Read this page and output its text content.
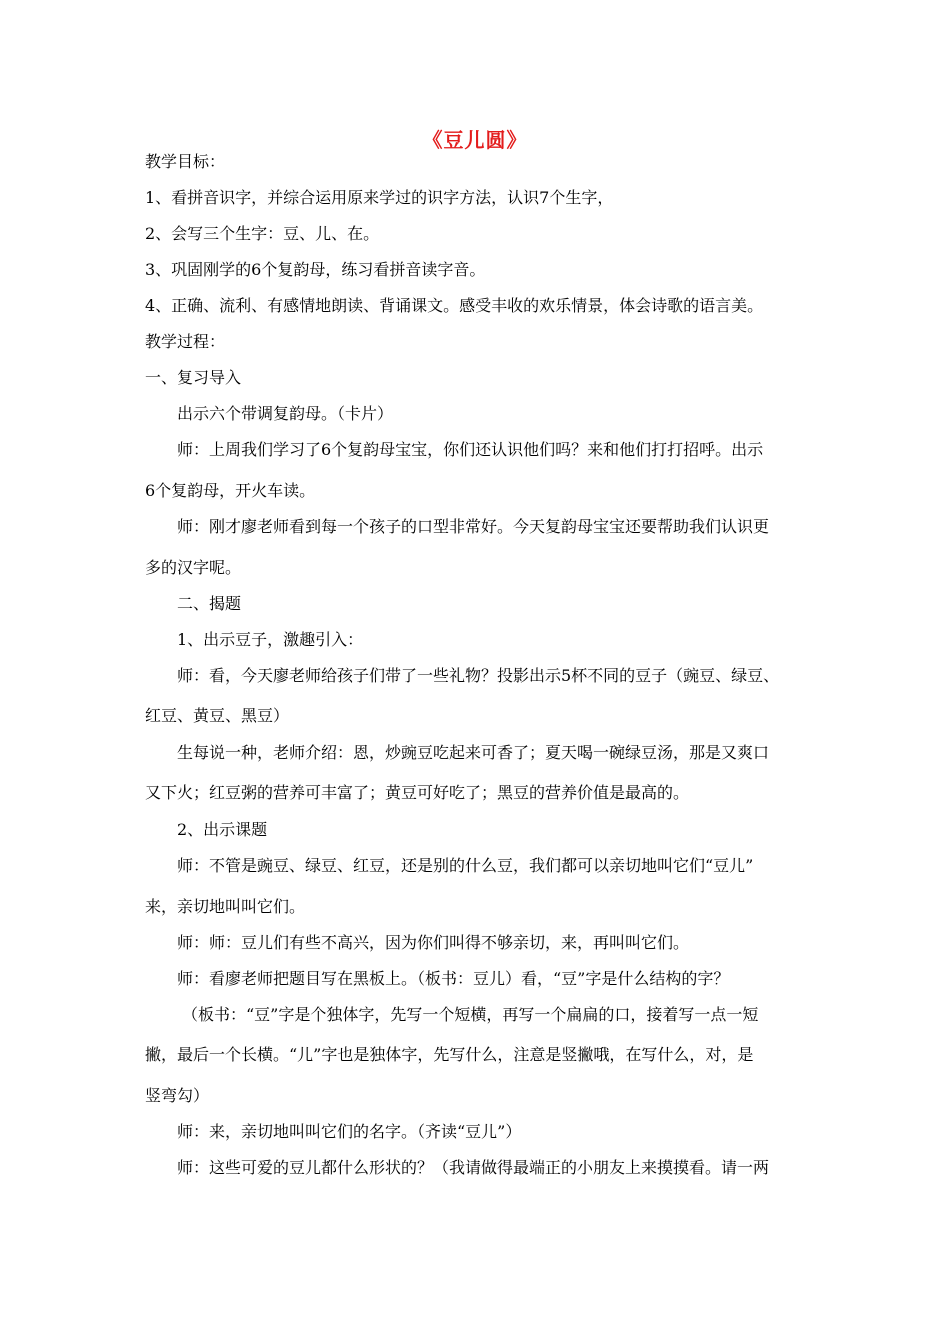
《豆儿圆》
教学目标：
1、看拼音识字，并综合运用原来学过的识字方法，认识7个生字，
2、会写三个生字：豆、儿、在。
3、巩固刚学的6个复韵母，练习看拼音读字音。
4、正确、流利、有感情地朗读、背诵课文。感受丰收的欢乐情景，体会诗歌的语言美。
教学过程：
一、复习导入
出示六个带调复韵母。（卡片）
师：上周我们学习了6个复韵母宝宝，你们还认识他们吗？来和他们打打招呼。出示
6个复韵母，开火车读。
师：刚才廖老师看到每一个孩子的口型非常好。今天复韵母宝宝还要帮助我们认识更
多的汉字呢。
二、揭题
1、出示豆子，激趣引入：
师：看，今天廖老师给孩子们带了一些礼物？投影出示5杯不同的豆子（豌豆、绿豆、
红豆、黄豆、黑豆）
生每说一种，老师介绍：恩，炒豌豆吃起来可香了；夏天喝一碗绿豆汤，那是又爽口
又下火；红豆粥的营养可丰富了；黄豆可好吃了；黑豆的营养价值是最高的。
2、出示课题
师：不管是豌豆、绿豆、红豆，还是别的什么豆，我们都可以亲切地叫它们“豆儿”
来，亲切地叫叫它们。
师：师：豆儿们有些不高兴，因为你们叫得不够亲切，来，再叫叫它们。
师：看廖老师把题目写在黑板上。（板书：豆儿）看，“豆”字是什么结构的字？
（板书：“豆”字是个独体字，先写一个短横，再写一个扁扁的口，接着写一点一短
撇，最后一个长横。“儿”字也是独体字，先写什么，注意是竖撇哦，在写什么，对，是
竖弯勾）
师：来，亲切地叫叫它们的名字。（齐读“豆儿”）
师：这些可爱的豆儿都什么形状的？（我请做得最端正的小朋友上来摸摸看。请一两
